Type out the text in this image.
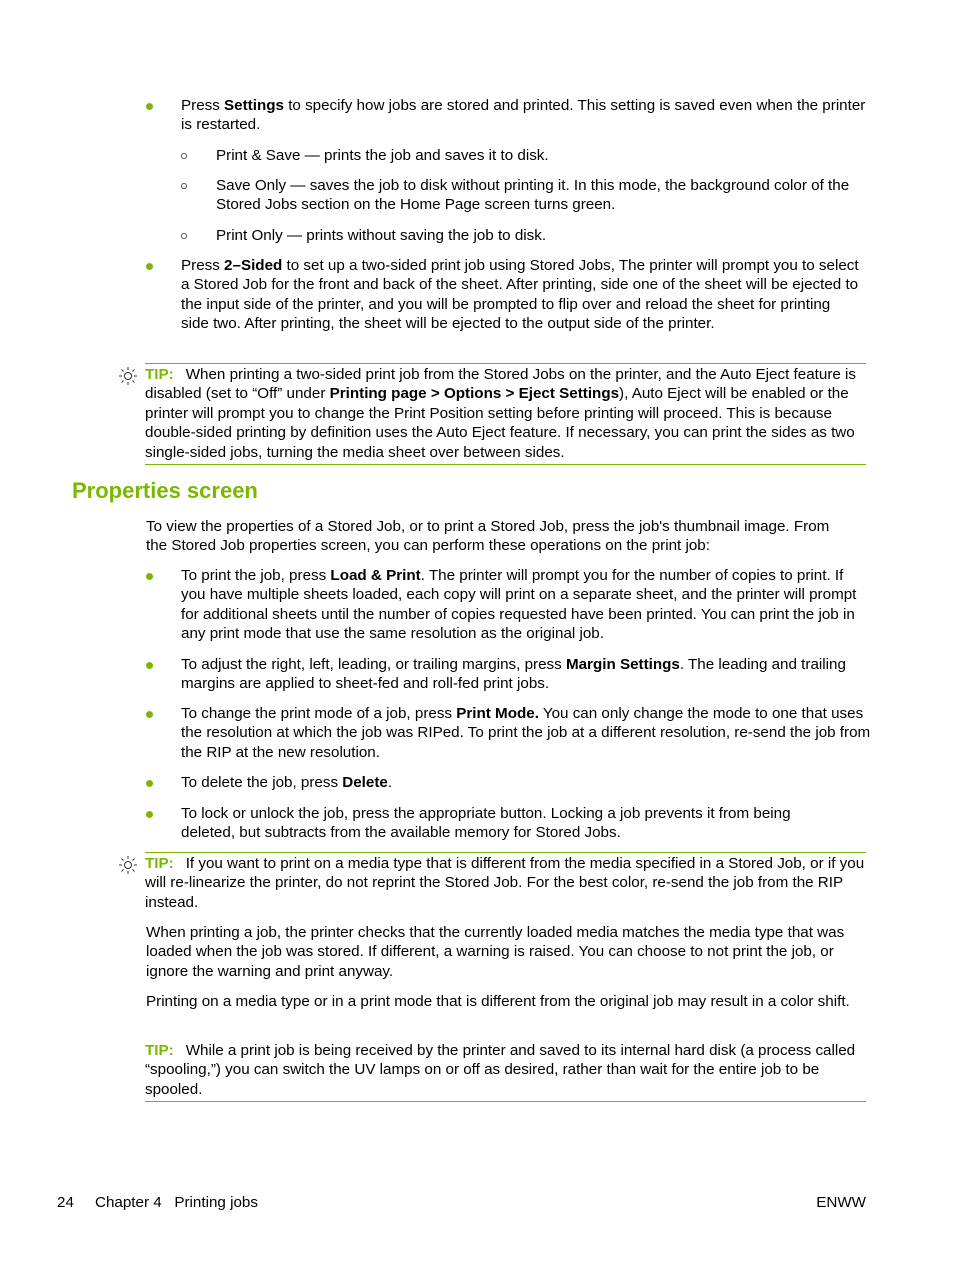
Press Settings to specify how jobs are stored and printed. This setting is saved even when the printer is restarted.

Print & Save — prints the job and saves it to disk.

Save Only — saves the job to disk without printing it. In this mode, the background color of the Stored Jobs section on the Home Page screen turns green.

Print Only — prints without saving the job to disk.

Press 2–Sided to set up a two-sided print job using Stored Jobs, The printer will prompt you to select a Stored Job for the front and back of the sheet. After printing, side one of the sheet will be ejected to the input side of the printer, and you will be prompted to flip over and reload the sheet for printing side two. After printing, the sheet will be ejected to the output side of the printer.

TIP: When printing a two-sided print job from the Stored Jobs on the printer, and the Auto Eject feature is disabled (set to “Off” under Printing page > Options > Eject Settings), Auto Eject will be enabled or the printer will prompt you to change the Print Position setting before printing will proceed. This is because double-sided printing by definition uses the Auto Eject feature. If necessary, you can print the sides as two single-sided jobs, turning the media sheet over between sides.
Properties screen

To view the properties of a Stored Job, or to print a Stored Job, press the job's thumbnail image. From the Stored Job properties screen, you can perform these operations on the print job:

To print the job, press Load & Print. The printer will prompt you for the number of copies to print. If you have multiple sheets loaded, each copy will print on a separate sheet, and the printer will prompt for additional sheets until the number of copies requested have been printed. You can print the job in any print mode that use the same resolution as the original job.

To adjust the right, left, leading, or trailing margins, press Margin Settings. The leading and trailing margins are applied to sheet-fed and roll-fed print jobs.

To change the print mode of a job, press Print Mode. You can only change the mode to one that uses the resolution at which the job was RIPed. To print the job at a different resolution, re-send the job from the RIP at the new resolution.

To delete the job, press Delete.

To lock or unlock the job, press the appropriate button. Locking a job prevents it from being deleted, but subtracts from the available memory for Stored Jobs.

TIP: If you want to print on a media type that is different from the media specified in a Stored Job, or if you will re-linearize the printer, do not reprint the Stored Job. For the best color, re-send the job from the RIP instead.

When printing a job, the printer checks that the currently loaded media matches the media type that was loaded when the job was stored. If different, a warning is raised. You can choose to not print the job, or ignore the warning and print anyway.

Printing on a media type or in a print mode that is different from the original job may result in a color shift.

TIP: While a print job is being received by the printer and saved to its internal hard disk (a process called “spooling,”) you can switch the UV lamps on or off as desired, rather than wait for the entire job to be spooled.
24 Chapter 4   Printing jobs	ENWW
